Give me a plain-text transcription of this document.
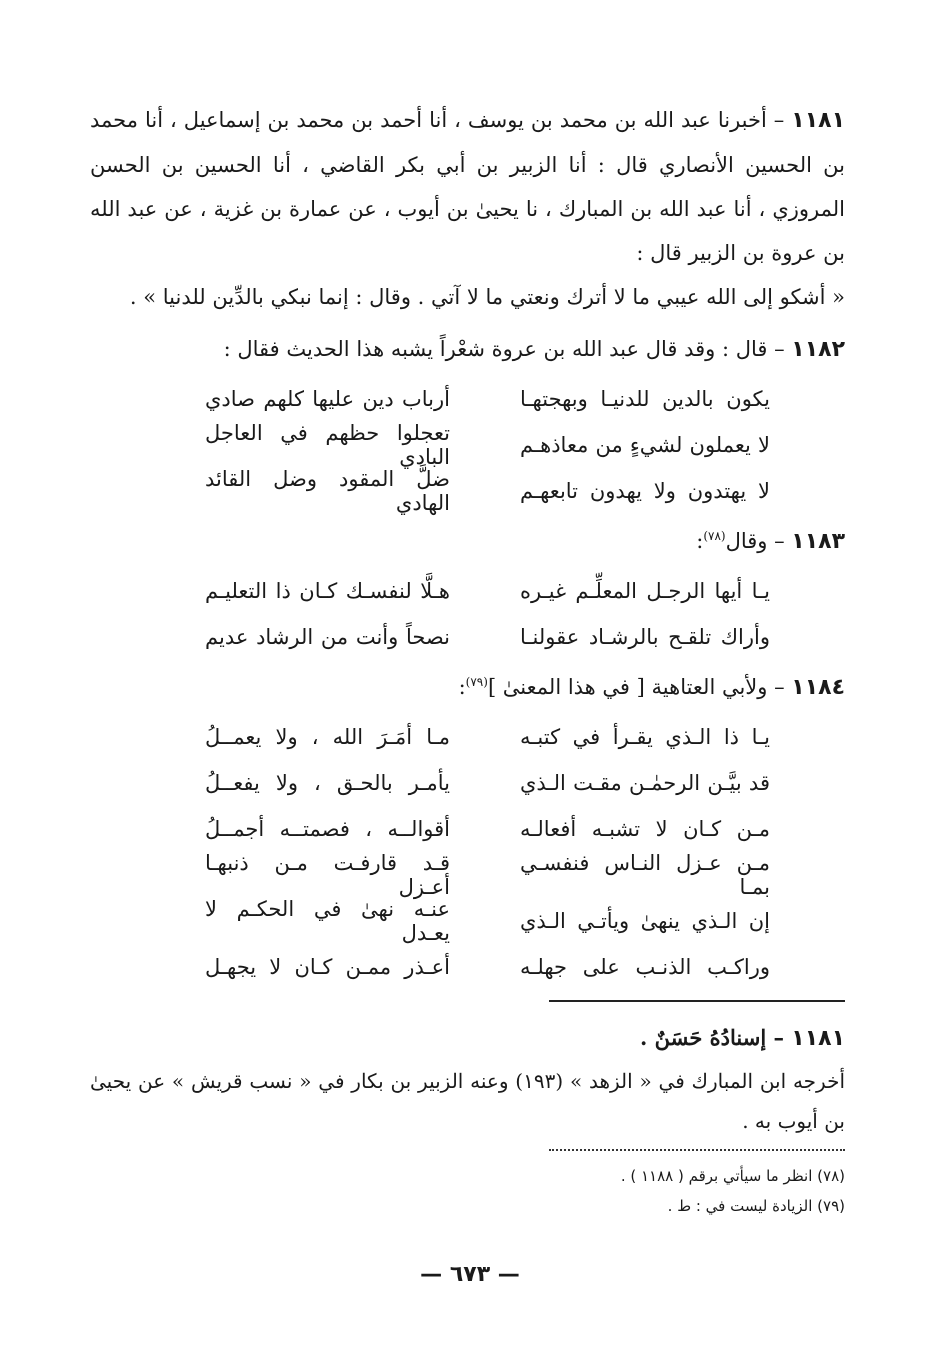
١١٨١ – أخبرنا عبد الله بن محمد بن يوسف ، أنا أحمد بن محمد بن إسماعيل ، أنا محمد بن الحسين الأنصاري قال : أنا الزبير بن أبي بكر القاضي ، أنا الحسين بن الحسن المروزي ، أنا عبد الله بن المبارك ، نا يحيىٰ بن أيوب ، عن عمارة بن غزية ، عن عبد الله بن عروة بن الزبير قال :
« أشكو إلى الله عيبي ما لا أترك ونعتي ما لا آتي . وقال : إنما نبكي بالدِّين للدنيا » .

١١٨٢ – قال : وقد قال عبد الله بن عروة شعْراً يشبه هذا الحديث فقال :

يكون بالدين للدنيـا وبهجتهـا
أرباب دين عليها كلهم صادي
لا يعملون لشيءٍ من معاذهـم
تعجلوا حظهم في العاجل البادي
لا يهتدون ولا يهدون تابعهـم
ضلَّ المقود وضل القائد الهادي

١١٨٣ – وقال$^{(٧٨)}$:

يـا أيها الرجـل المعلِّـم غيـره
هـلَّا لنفسـك كـان ذا التعليـم
وأراك تلقـح بالرشـاد عقولنـا
نصحاً وأنت من الرشاد عديم

١١٨٤ – ولأبي العتاهية [ في هذا المعنىٰ ]$^{(٧٩)}$:

يـا ذا الـذي يقـرأ في كتبـه
مـا أمَـرَ الله ، ولا يعمــلُ
قد بيَّـن الرحمٰـن مقـت الـذي
يأمـر بالحـق ، ولا يفعــلُ
مـن كـان لا تشبـه أفعالـه
أقوالــه ، فصمتــه أجمــلُ
مـن عـزل النـاس فنفسـي بمـا
قـد قارفـت مـن ذنبهـا أعـزل
إن الـذي ينهىٰ ويأتـي الـذي
عنـه نهىٰ في الحكـم لا يعـدل
وراكـب الذنـب على جهلـه
أعـذر ممـن كـان لا يجهـل
١١٨١ – إسنادُهُ حَسَنٌ .
أخرجه ابن المبارك في « الزهد » (١٩٣) وعنه الزبير بن بكار في « نسب قريش » عن يحيىٰ بن أيوب به .
(٧٨) انظر ما سيأتي برقم ( ١١٨٨ ) .
(٧٩) الزيادة ليست في : ط .
— ٦٧٣ —
